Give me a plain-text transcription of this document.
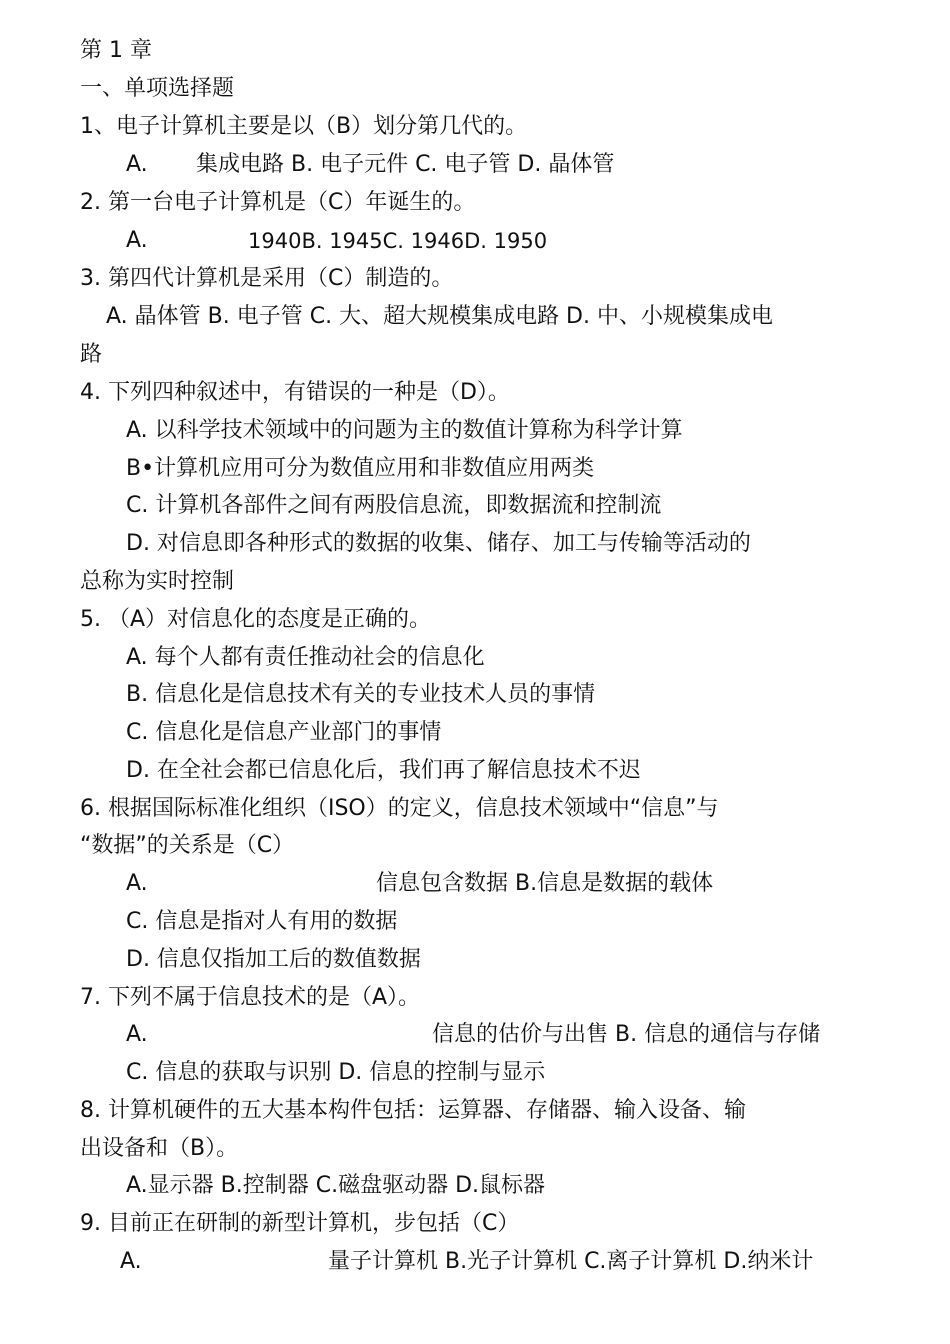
第 1 章
一、单项选择题
1、电子计算机主要是以（B）划分第几代的。
A. 集成电路 B. 电子元件 C. 电子管 D. 晶体管
2. 第一台电子计算机是（C）年诞生的。
A.	1940B. 1945C. 1946D. 1950
3. 第四代计算机是采用（C）制造的。
A. 晶体管 B. 电子管 C. 大、超大规模集成电路 D. 中、小规模集成电
路
4. 下列四种叙述中，有错误的一种是（D）。
A. 以科学技术领域中的问题为主的数值计算称为科学计算
B•计算机应用可分为数值应用和非数值应用两类
C. 计算机各部件之间有两股信息流，即数据流和控制流
D. 对信息即各种形式的数据的收集、储存、加工与传输等活动的
总称为实时控制
5. （A）对信息化的态度是正确的。
A. 每个人都有责任推动社会的信息化
B. 信息化是信息技术有关的专业技术人员的事情
C. 信息化是信息产业部门的事情
D. 在全社会都已信息化后，我们再了解信息技术不迟
6. 根据国际标准化组织（ISO）的定义，信息技术领域中“信息”与
“数据”的关系是（C）
A.	信息包含数据 B.信息是数据的载体
C. 信息是指对人有用的数据
D. 信息仅指加工后的数值数据
7. 下列不属于信息技术的是（A）。
A.	信息的估价与出售 B. 信息的通信与存储
C. 信息的获取与识别 D. 信息的控制与显示
8. 计算机硬件的五大基本构件包括：运算器、存储器、输入设备、输
出设备和（B）。
A.显示器 B.控制器 C.磁盘驱动器 D.鼠标器
9. 目前正在研制的新型计算机，步包括（C）
A.	量子计算机 B.光子计算机 C.离子计算机 D.纳米计
